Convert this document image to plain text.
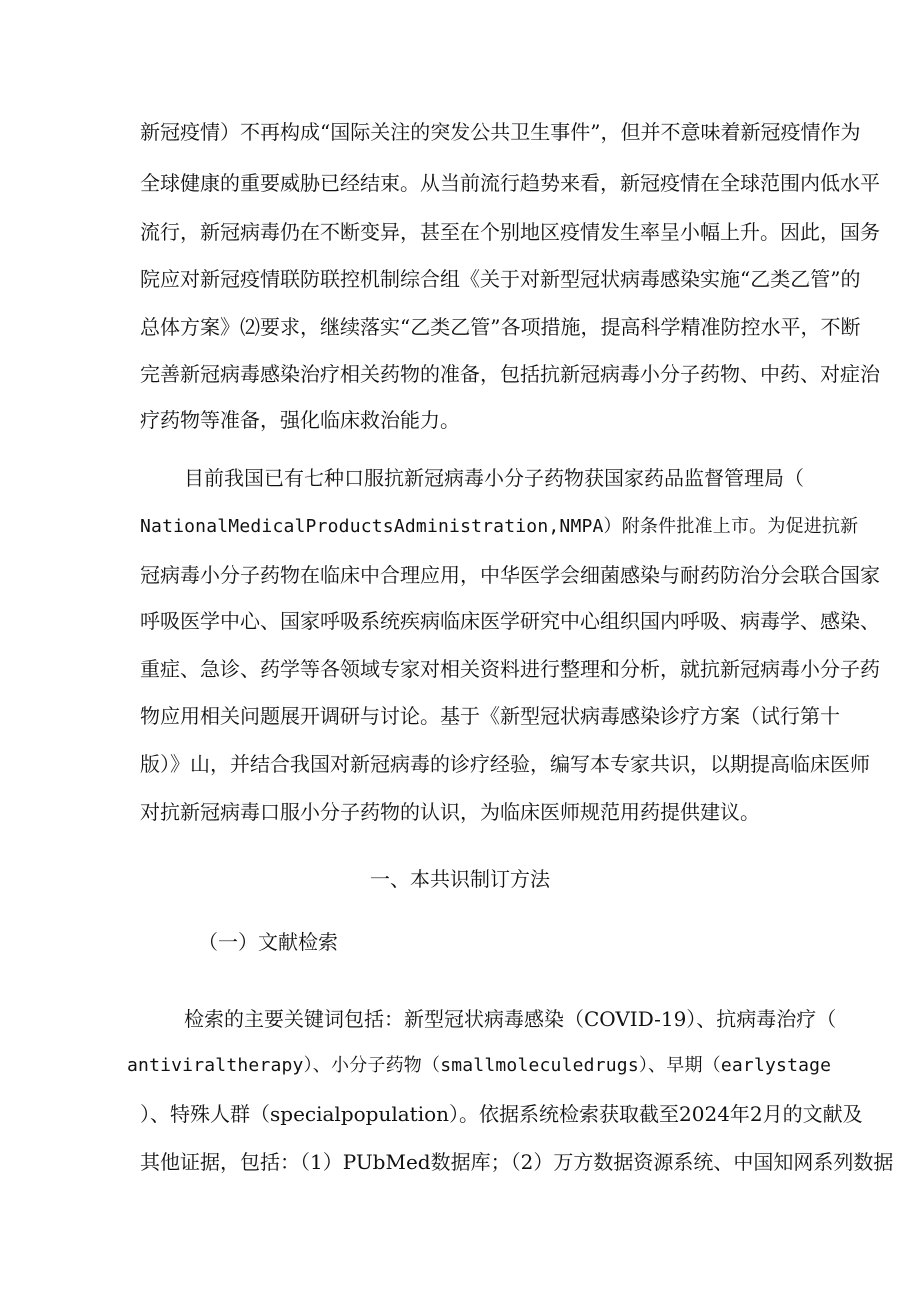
新冠疫情）不再构成“国际关注的突发公共卫生事件”，但并不意味着新冠疫情作为
全球健康的重要威胁已经结束。从当前流行趋势来看，新冠疫情在全球范围内低水平
流行，新冠病毒仍在不断变异，甚至在个别地区疫情发生率呈小幅上升。因此，国务
院应对新冠疫情联防联控机制综合组《关于对新型冠状病毒感染实施“乙类乙管”的
总体方案》⑵要求，继续落实“乙类乙管”各项措施，提高科学精准防控水平，不断
完善新冠病毒感染治疗相关药物的准备，包括抗新冠病毒小分子药物、中药、对症治
疗药物等准备，强化临床救治能力。
目前我国已有七种口服抗新冠病毒小分子药物获国家药品监督管理局（
NationalMedicalProductsAdministration,NMPA）附条件批准上市。为促进抗新
冠病毒小分子药物在临床中合理应用，中华医学会细菌感染与耐药防治分会联合国家
呼吸医学中心、国家呼吸系统疾病临床医学研究中心组织国内呼吸、病毒学、感染、
重症、急诊、药学等各领域专家对相关资料进行整理和分析，就抗新冠病毒小分子药
物应用相关问题展开调研与讨论。基于《新型冠状病毒感染诊疗方案（试行第十
版）》山，并结合我国对新冠病毒的诊疗经验，编写本专家共识，以期提高临床医师
对抗新冠病毒口服小分子药物的认识，为临床医师规范用药提供建议。
一、本共识制订方法
（一）文献检索
检索的主要关键词包括：新型冠状病毒感染（COVID-19）、抗病毒治疗（
antiviraltherapy）、小分子药物（smallmoleculedrugs）、早期（earlystage
）、特殊人群（specialpopulation）。依据系统检索获取截至2024年2月的文献及
其他证据，包括：（1）PUbMed数据库；（2）万方数据资源系统、中国知网系列数据
